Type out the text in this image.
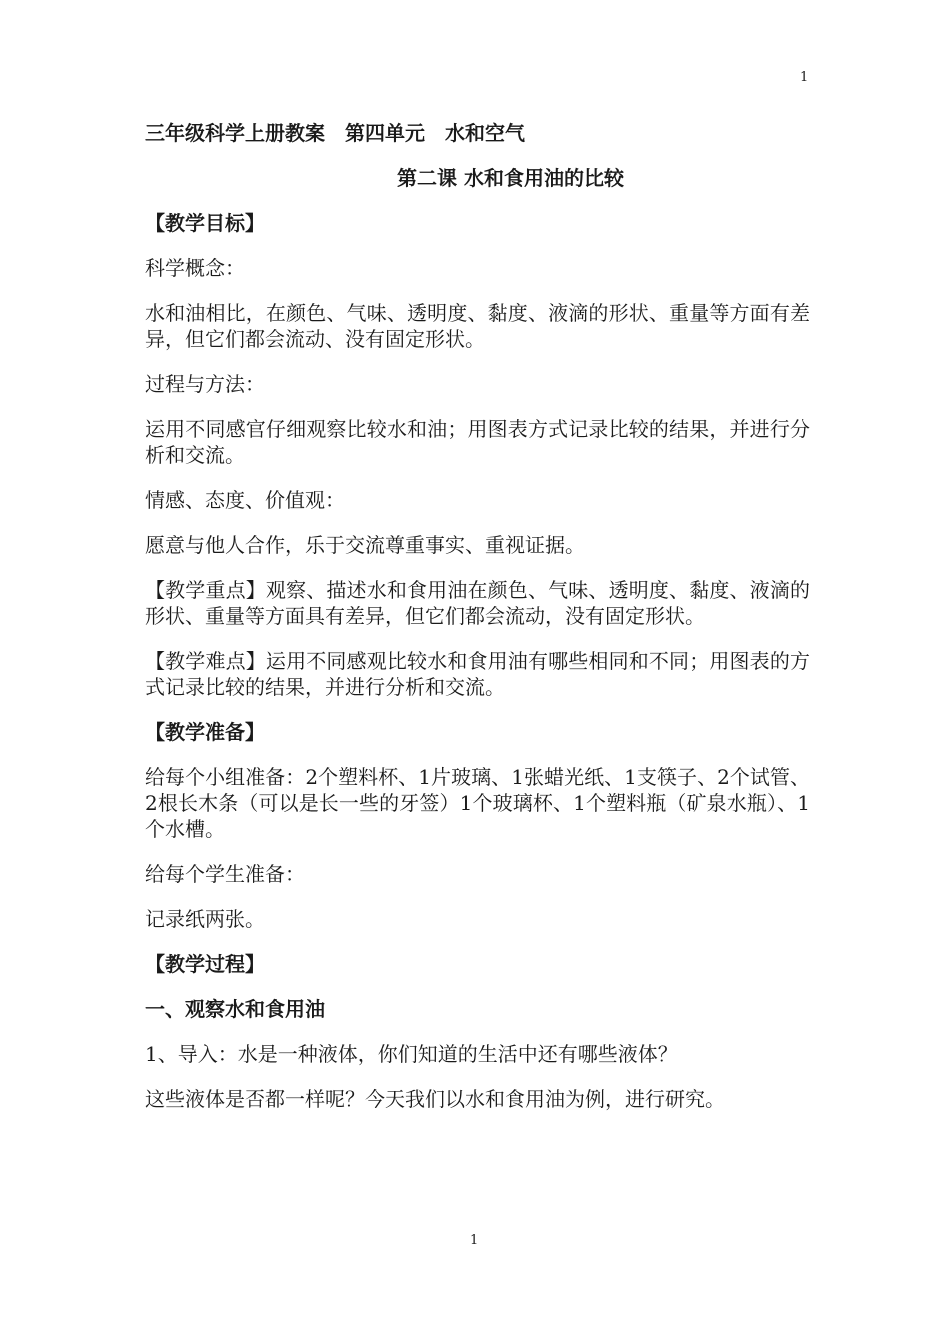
1
三年级科学上册教案　第四单元　水和空气
第二课 水和食用油的比较
【教学目标】
科学概念：
水和油相比，在颜色、气味、透明度、黏度、液滴的形状、重量等方面有差异，但它们都会流动、没有固定形状。
过程与方法：
运用不同感官仔细观察比较水和油；用图表方式记录比较的结果，并进行分析和交流。
情感、态度、价值观：
愿意与他人合作，乐于交流尊重事实、重视证据。
【教学重点】观察、描述水和食用油在颜色、气味、透明度、黏度、液滴的形状、重量等方面具有差异，但它们都会流动，没有固定形状。
【教学难点】运用不同感观比较水和食用油有哪些相同和不同；用图表的方式记录比较的结果，并进行分析和交流。
【教学准备】
给每个小组准备：2个塑料杯、1片玻璃、1张蜡光纸、1支筷子、2个试管、2根长木条（可以是长一些的牙签）1个玻璃杯、1个塑料瓶（矿泉水瓶）、1个水槽。
给每个学生准备：
记录纸两张。
【教学过程】
一、观察水和食用油
1、导入：水是一种液体，你们知道的生活中还有哪些液体？
这些液体是否都一样呢？今天我们以水和食用油为例，进行研究。
1
